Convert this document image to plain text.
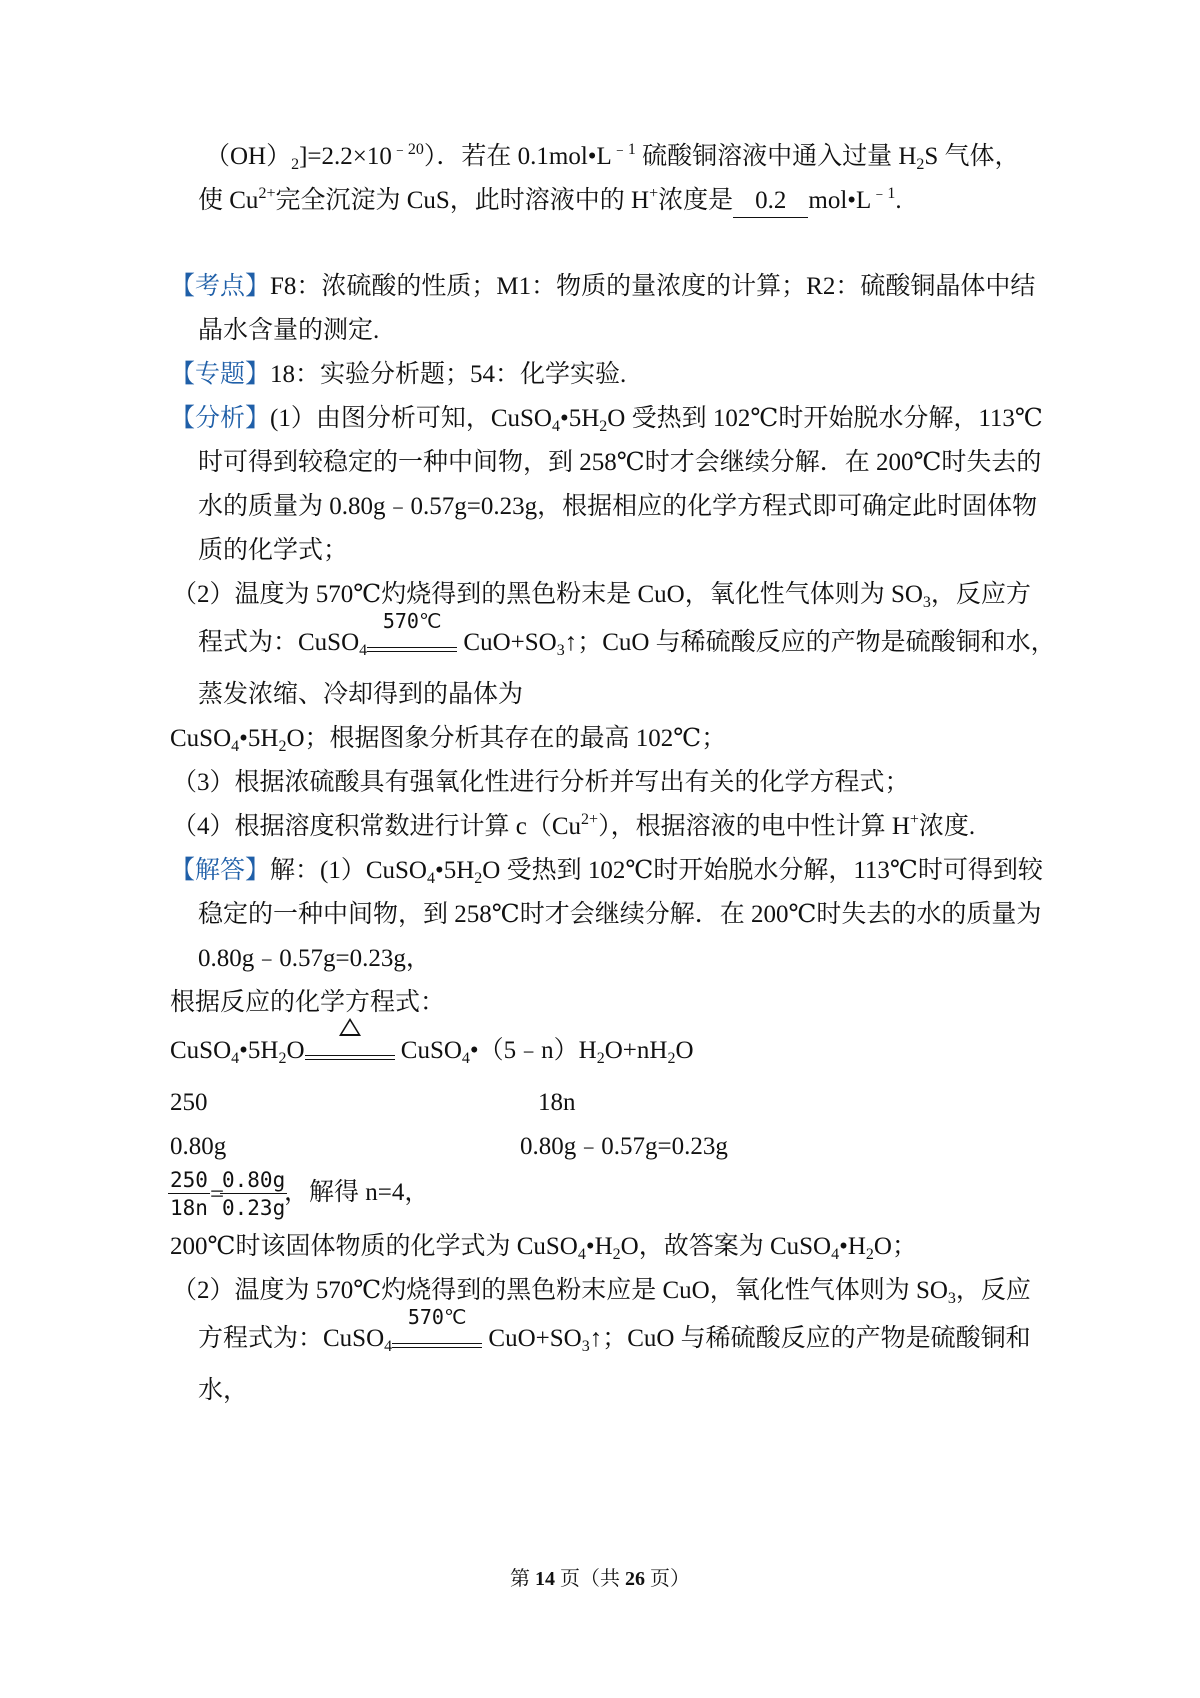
$(OH)_2]=2.2\times 10^{﹣20}$）．若在 $0.1mol•L^{﹣1}$ 硫酸铜溶液中通入过量 $H_2S$ 气体，
使 $Cu^{2+}$完全沉淀为 CuS，此时溶液中的 H+浓度是 0.2 $mol•L^{﹣1}$.
【考点】F8：浓硫酸的性质；M1：物质的量浓度的计算；R2：硫酸铜晶体中结
晶水含量的测定.
【专题】18：实验分析题；54：化学实验.
【分析】(1）由图分析可知，$CuSO_4•5H_2O$ 受热到 102℃时开始脱水分解，113℃
时可得到较稳定的一种中间物，到 258℃时才会继续分解．在 200℃时失去的
水的质量为 0.80g﹣0.57g=0.23g，根据相应的化学方程式即可确定此时固体物
质的化学式；
（2）温度为 570℃灼烧得到的黑色粉末是 CuO，氧化性气体则为 $SO_3$，反应方
程式为：CuSO$_4$
570℃
$CuO+SO_3↑$；CuO 与稀硫酸反应的产物是硫酸铜和水，
蒸发浓缩、冷却得到的晶体为
$CuSO_4•5H_2O$；根据图象分析其存在的最高 102℃；
（3）根据浓硫酸具有强氧化性进行分析并写出有关的化学方程式；
（4）根据溶度积常数进行计算 $c(Cu^{2+})$，根据溶液的电中性计算 H+浓度.
【解答】解：$(1)CuSO_4•5H_2O$ 受热到 102℃时开始脱水分解，113℃时可得到较
稳定的一种中间物，到 258℃时才会继续分解．在 200℃时失去的水的质量为
0.80g﹣0.57g=0.23g，
根据反应的化学方程式：
$CuSO_4•5H_2O$	$CuSO_4•(5﹣n)H_2O+nH_2O$
250	18n
0.80g	0.80g﹣0.57g=0.23g
$\frac{250}{18n}$ =
$\frac{0.80g}{0.23g}$
，解得 n=4，
200℃时该固体物质的化学式为 $CuSO_4•H_2O$，故答案为 $CuSO_4•H_2O$；
（2）温度为 570℃灼烧得到的黑色粉末应是 CuO，氧化性气体则为 $SO_3$，反应
方程式为：CuSO$_4$
570℃
$CuO+SO_3↑$；CuO 与稀硫酸反应的产物是硫酸铜和
水，
第 14 页（共 26 页）
